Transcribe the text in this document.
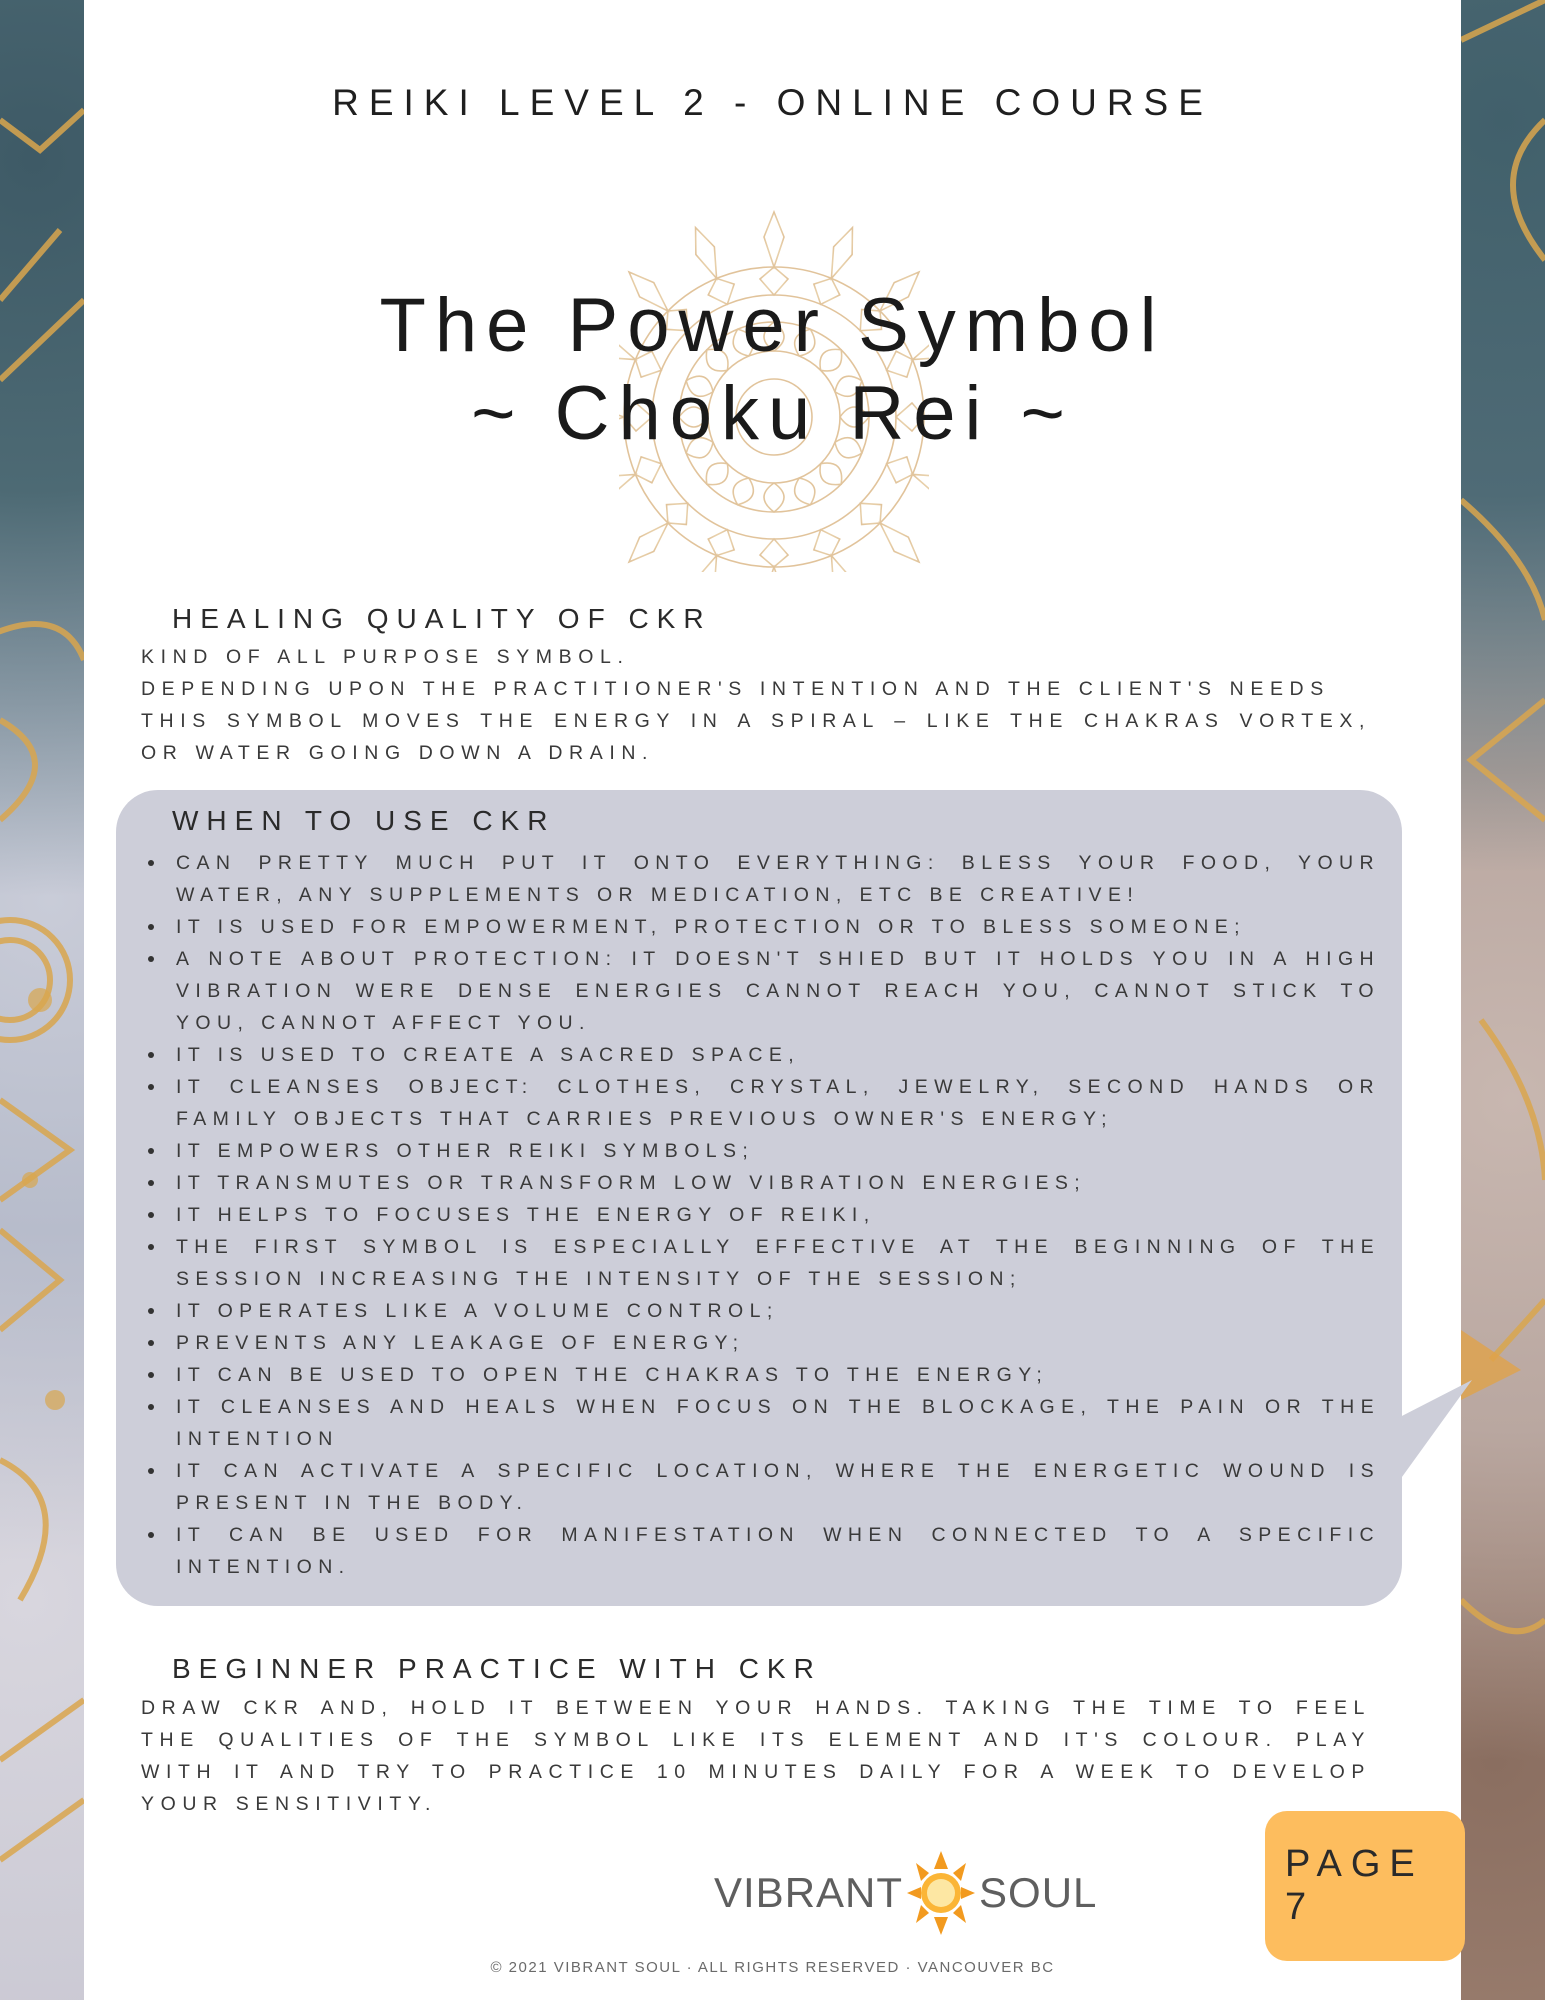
REIKI LEVEL 2 - ONLINE COURSE
The Power Symbol
~ Choku Rei ~
HEALING QUALITY OF CKR

KIND OF ALL PURPOSE SYMBOL.

DEPENDING UPON THE PRACTITIONER'S INTENTION AND THE CLIENT'S NEEDS

THIS SYMBOL MOVES THE ENERGY IN A SPIRAL – LIKE THE CHAKRAS VORTEX, OR WATER GOING DOWN A DRAIN.

WHEN TO USE CKR
CAN PRETTY MUCH PUT IT ONTO EVERYTHING: BLESS YOUR FOOD, YOUR WATER, ANY SUPPLEMENTS OR MEDICATION, ETC BE CREATIVE!
IT IS USED FOR EMPOWERMENT, PROTECTION OR TO BLESS SOMEONE;
A NOTE ABOUT PROTECTION: IT DOESN'T SHIED BUT IT HOLDS YOU IN A HIGH VIBRATION WERE DENSE ENERGIES CANNOT REACH YOU, CANNOT STICK TO YOU, CANNOT AFFECT YOU.
IT IS USED TO CREATE A SACRED SPACE,
IT CLEANSES OBJECT: CLOTHES, CRYSTAL, JEWELRY, SECOND HANDS OR FAMILY OBJECTS THAT CARRIES PREVIOUS OWNER'S ENERGY;
IT EMPOWERS OTHER REIKI SYMBOLS;
IT TRANSMUTES OR TRANSFORM LOW VIBRATION ENERGIES;
IT HELPS TO FOCUSES THE ENERGY OF REIKI,
THE FIRST SYMBOL IS ESPECIALLY EFFECTIVE AT THE BEGINNING OF THE SESSION INCREASING THE INTENSITY OF THE SESSION;
IT OPERATES LIKE A VOLUME CONTROL;
PREVENTS ANY LEAKAGE OF ENERGY;
IT CAN BE USED TO OPEN THE CHAKRAS TO THE ENERGY;
IT CLEANSES AND HEALS WHEN FOCUS ON THE BLOCKAGE, THE PAIN OR THE INTENTION
IT CAN ACTIVATE A SPECIFIC LOCATION, WHERE THE ENERGETIC WOUND IS PRESENT IN THE BODY.
IT CAN BE USED FOR MANIFESTATION WHEN CONNECTED TO A SPECIFIC INTENTION.
BEGINNER PRACTICE WITH CKR
DRAW CKR AND, HOLD IT BETWEEN YOUR HANDS. TAKING THE TIME TO FEEL THE QUALITIES OF THE SYMBOL LIKE ITS ELEMENT AND IT'S COLOUR. PLAY WITH IT AND TRY TO PRACTICE 10 MINUTES DAILY FOR A WEEK TO DEVELOP YOUR SENSITIVITY.
VIBRANT SOUL
© 2021 VIBRANT SOUL · ALL RIGHTS RESERVED · VANCOUVER BC
PAGE 7
